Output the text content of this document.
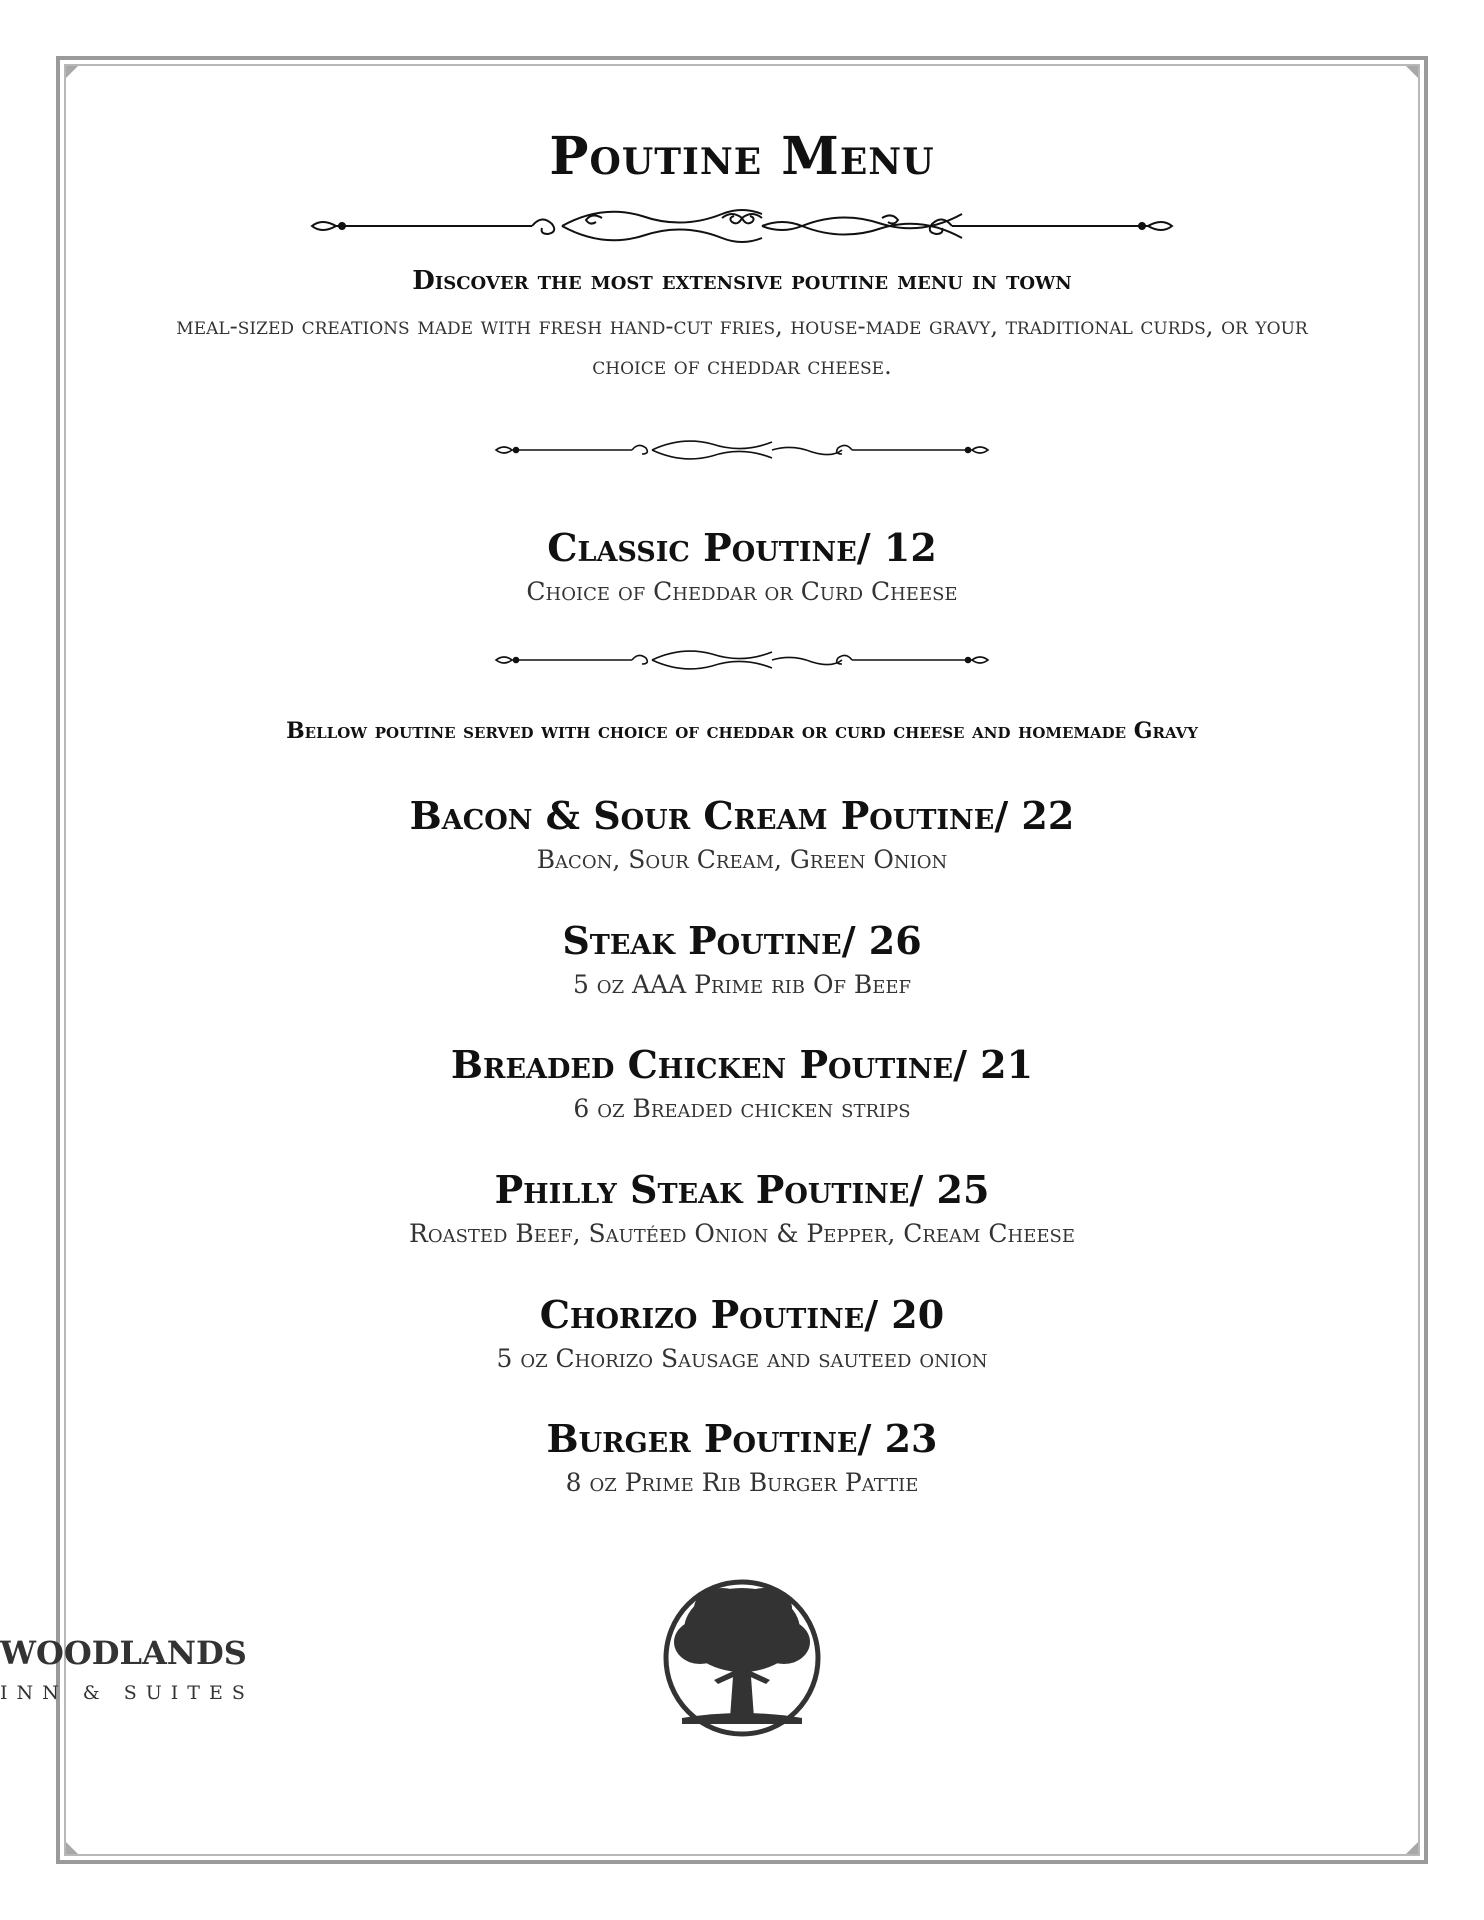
Poutine Menu

Discover the most extensive poutine menu in town

meal-sized creations made with fresh hand-cut fries, house-made gravy, traditional curds, or your choice of cheddar cheese.

Classic Poutine/ 12

Choice of Cheddar or Curd Cheese

Bellow poutine served with choice of cheddar or curd cheese and homemade Gravy

Bacon & Sour Cream Poutine/ 22

Bacon, Sour Cream, Green Onion

Steak Poutine/ 26

5 oz AAA Prime rib Of Beef

Breaded Chicken Poutine/ 21

6 oz Breaded chicken strips

Philly Steak Poutine/ 25

Roasted Beef, Sautéed Onion & Pepper, Cream Cheese

Chorizo Poutine/ 20

5 oz Chorizo Sausage and sauteed onion

Burger Poutine/ 23

8 oz Prime Rib Burger Pattie

WOODLANDS

INN & SUITES
